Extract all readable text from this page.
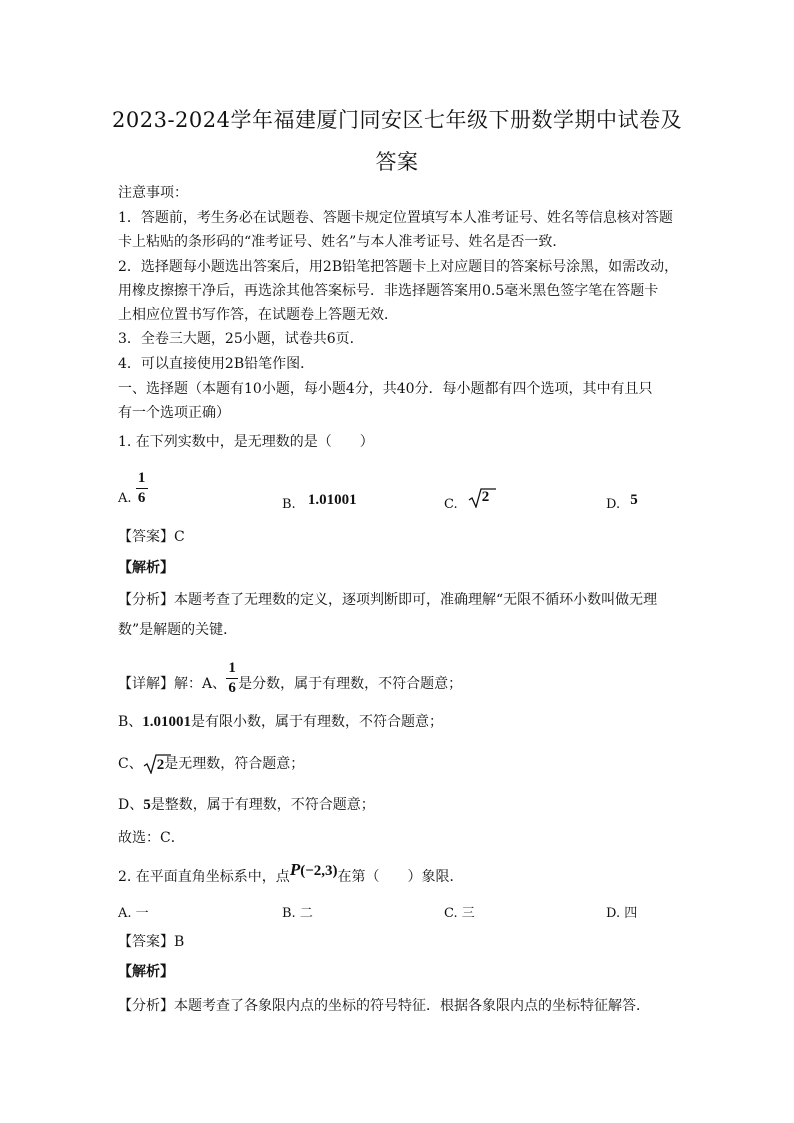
2023-2024学年福建厦门同安区七年级下册数学期中试卷及
答案
注意事项：
1．答题前，考生务必在试题卷、答题卡规定位置填写本人准考证号、姓名等信息核对答题
卡上粘贴的条形码的“准考证号、姓名”与本人准考证号、姓名是否一致．
2．选择题每小题选出答案后，用2B铅笔把答题卡上对应题目的答案标号涂黑，如需改动，
用橡皮擦擦干净后，再选涂其他答案标号．非选择题答案用0.5毫米黑色签字笔在答题卡
上相应位置书写作答，在试题卷上答题无效．
3．全卷三大题，25小题，试卷共6页．
4．可以直接使用2B铅笔作图．
一、选择题（本题有10小题，每小题4分，共40分．每小题都有四个选项，其中有且只
有一个选项正确）
1. 在下列实数中，是无理数的是（　　）
A. $\frac{1}{6}$	B. 1.01001	C. 2	D. 5
【答案】C
【解析】
【分析】本题考查了无理数的定义，逐项判断即可，准确理解“无限不循环小数叫做无理
数”是解题的关键．
【详解】解：A、 $\frac{1}{6}$ 是分数，属于有理数，不符合题意；
B、1.01001是有限小数，属于有理数，不符合题意；
C、 2是无理数，符合题意；
D、5是整数，属于有理数，不符合题意；
故选：C．
2. 在平面直角坐标系中，点P(−2,3)在第（　　）象限．
A. 一	B. 二	C. 三	D. 四
【答案】B
【解析】
【分析】本题考查了各象限内点的坐标的符号特征．根据各象限内点的坐标特征解答．
